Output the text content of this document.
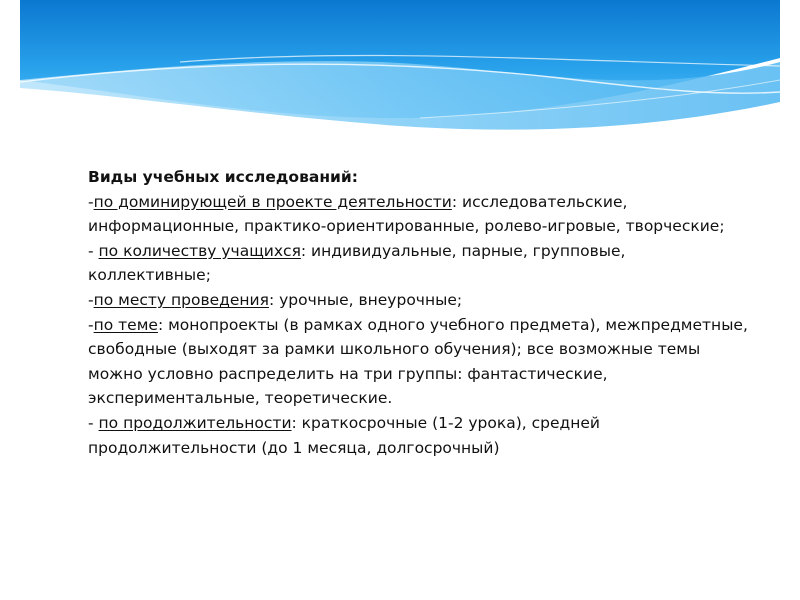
Виды учебных исследований:

-по доминирующей в проекте деятельности: исследовательские, информационные, практико-ориентированные, ролево-игровые, творческие;

- по количеству учащихся: индивидуальные, парные, групповые, коллективные;

-по месту проведения: урочные, внеурочные;

-по теме: монопроекты (в рамках одного учебного предмета), межпредметные, свободные (выходят за рамки школьного обучения); все возможные темы можно условно распределить на три группы: фантастические, экспериментальные, теоретические.

- по продолжительности: краткосрочные (1-2 урока), средней продолжительности (до 1 месяца, долгосрочный)
